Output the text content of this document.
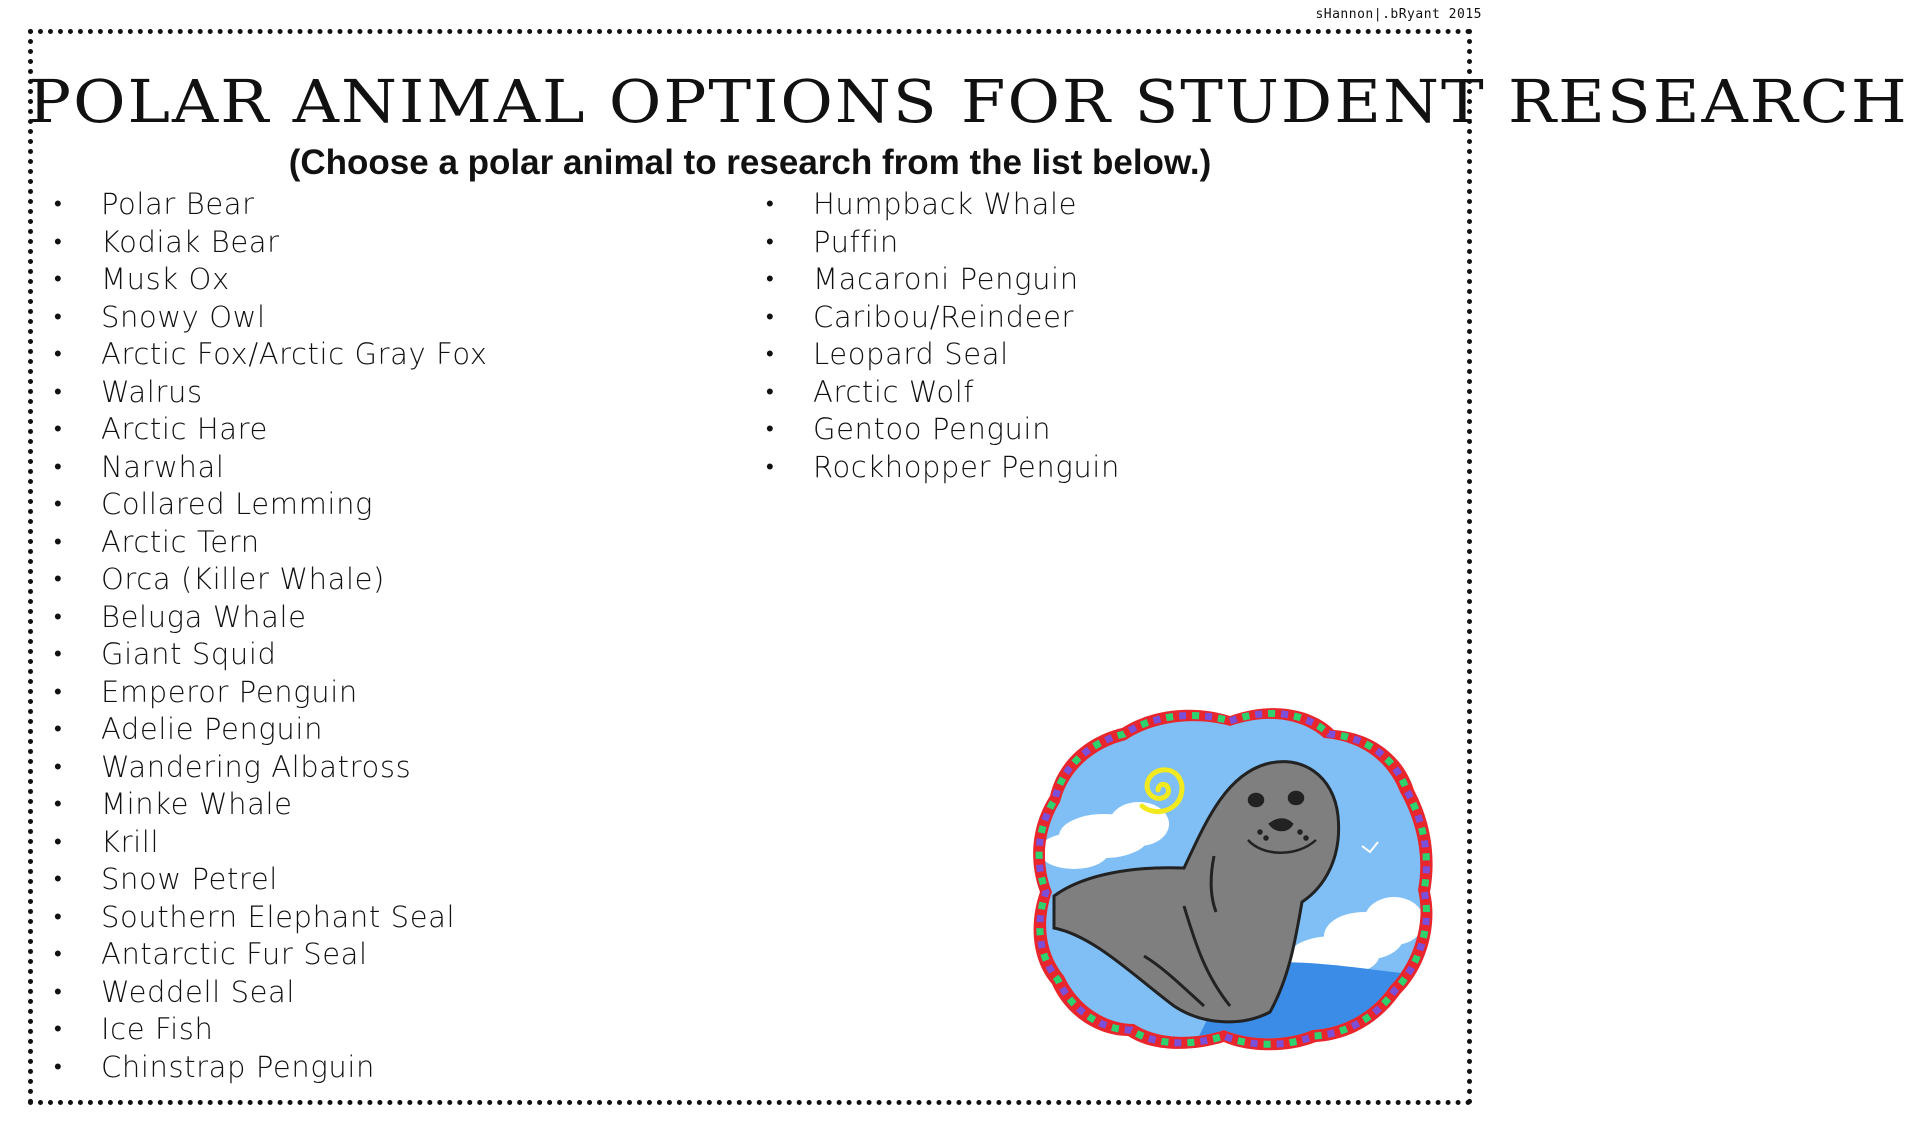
sHannon|.bRyant 2015
POLAR ANIMAL OPTIONS FOR STUDENT RESEARCH
(Choose a polar animal to research from the list below.)
• Polar Bear
• Kodiak Bear
• Musk Ox
• Snowy Owl
• Arctic Fox/Arctic Gray Fox
• Walrus
• Arctic Hare
• Narwhal
• Collared Lemming
• Arctic Tern
• Orca (Killer Whale)
• Beluga Whale
• Giant Squid
• Emperor Penguin
• Adelie Penguin
• Wandering Albatross
• Minke Whale
• Krill
• Snow Petrel
• Southern Elephant Seal
• Antarctic Fur Seal
• Weddell Seal
• Ice Fish
• Chinstrap Penguin
• Humpback Whale
• Puffin
• Macaroni Penguin
• Caribou/Reindeer
• Leopard Seal
• Arctic Wolf
• Gentoo Penguin
• Rockhopper Penguin
